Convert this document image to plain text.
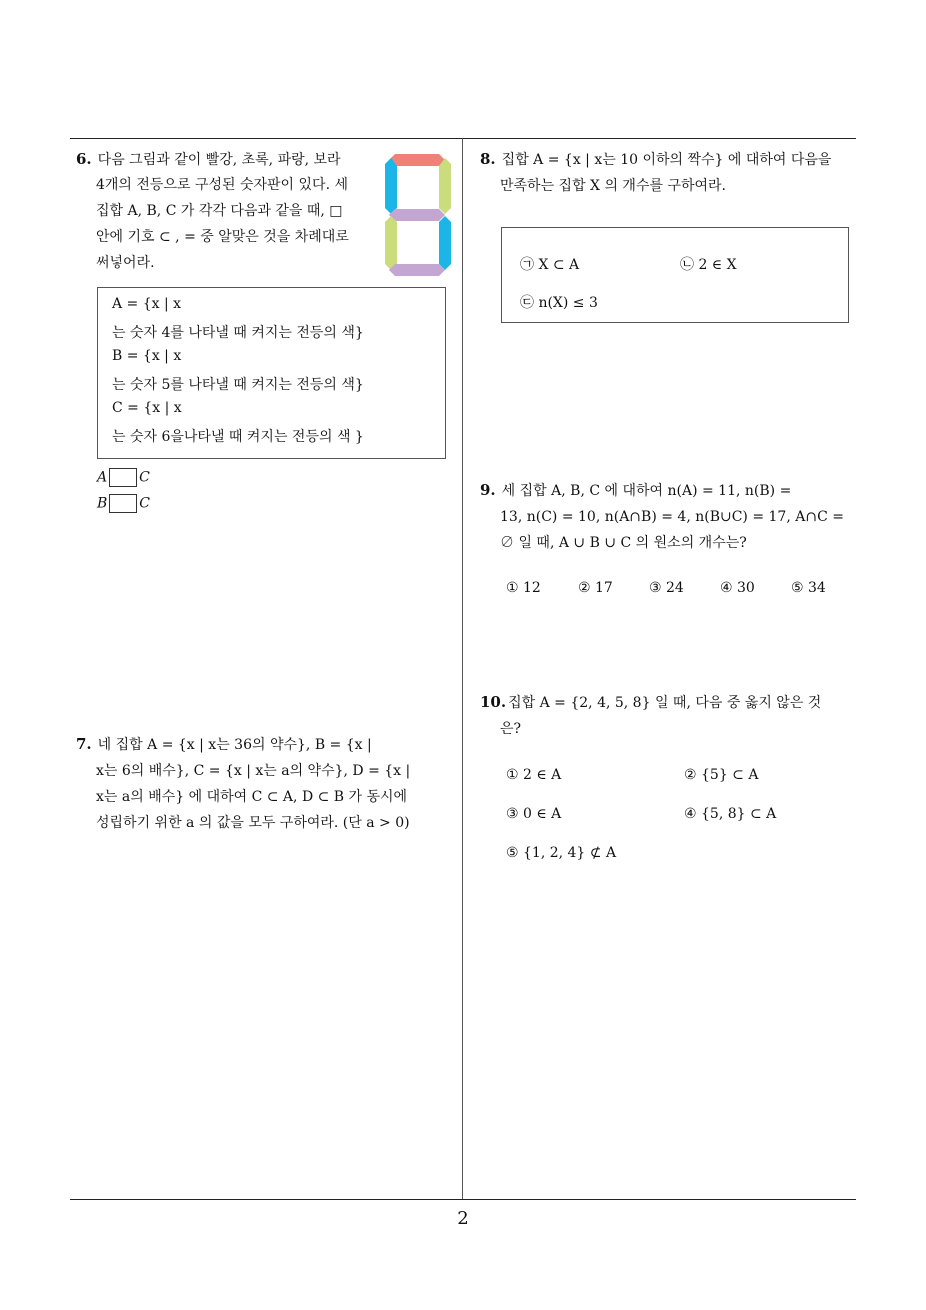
2
6. 다음 그림과 같이 빨강, 초록, 파랑, 보라
4개의 전등으로 구성된 숫자판이 있다. 세
집합 A, B, C 가 각각 다음과 같을 때, □
안에 기호 ⊂ , = 중 알맞은 것을 차례대로
써넣어라.
A = {x | x
는 숫자 4를 나타낼 때 켜지는 전등의 색}
B = {x | x
는 숫자 5를 나타낼 때 켜지는 전등의 색}
C = {x | x
는 숫자 6을나타낼 때 켜지는 전등의 색 }
A C
B C
7. 네 집합 A = {x | x는 36의 약수}, B = {x |
x는 6의 배수}, C = {x | x는 a의 약수}, D = {x |
x는 a의 배수} 에 대하여 C ⊂ A, D ⊂ B 가 동시에
성립하기 위한 a 의 값을 모두 구하여라. (단 a > 0)
8. 집합 A = {x | x는 10 이하의 짝수} 에 대하여 다음을
만족하는 집합 X 의 개수를 구하여라.
㉠ X ⊂ A	㉡ 2 ∈ X
㉢ n(X) ≤ 3
9. 세 집합 A, B, C 에 대하여 n(A) = 11, n(B) =
13, n(C) = 10, n(A∩B) = 4, n(B∪C) = 17, A∩C =
∅ 일 때, A ∪ B ∪ C 의 원소의 개수는?
① 12	② 17	③ 24	④ 30	⑤ 34
10. 집합 A = {2, 4, 5, 8} 일 때, 다음 중 옳지 않은 것
은?
① 2 ∈ A	② {5} ⊂ A
③ 0 ∈ A	④ {5, 8} ⊂ A
⑤ {1, 2, 4} ⊄ A
